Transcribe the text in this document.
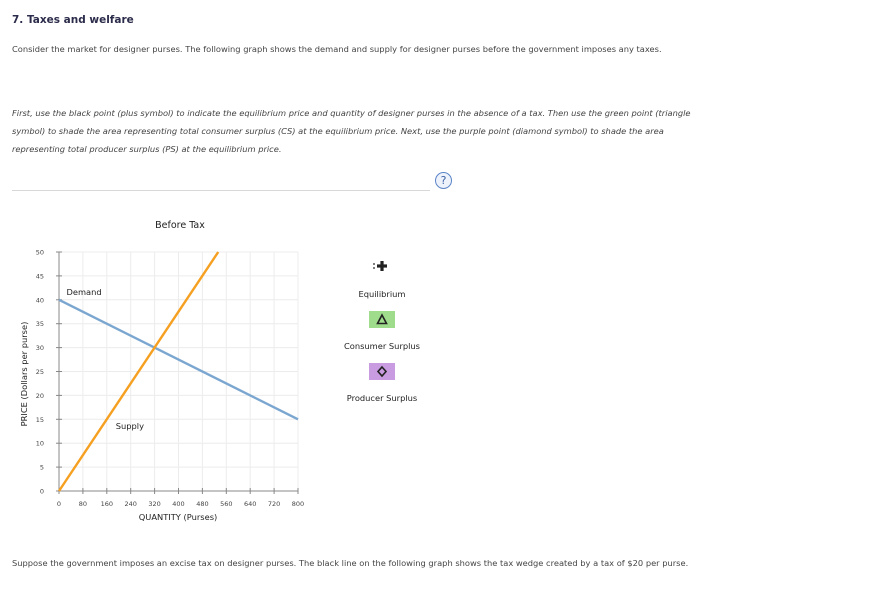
7. Taxes and welfare
Consider the market for designer purses. The following graph shows the demand and supply for designer purses before the government imposes any taxes.
First, use the black point (plus symbol) to indicate the equilibrium price and quantity of designer purses in the absence of a tax. Then use the green point (triangle symbol) to shade the area representing total consumer surplus (CS) at the equilibrium price. Next, use the purple point (diamond symbol) to shade the area representing total producer surplus (PS) at the equilibrium price.
?
0	80 160 240 320 400 480 560 640 720 800
0
5
10
15
20
25
30
35
40
45
50
Before Tax
QUANTITY (Purses)
PRICE (Dollars per purse)
Demand
Supply
Equilibrium
Consumer Surplus
Producer Surplus
Suppose the government imposes an excise tax on designer purses. The black line on the following graph shows the tax wedge created by a tax of $20 per purse.
